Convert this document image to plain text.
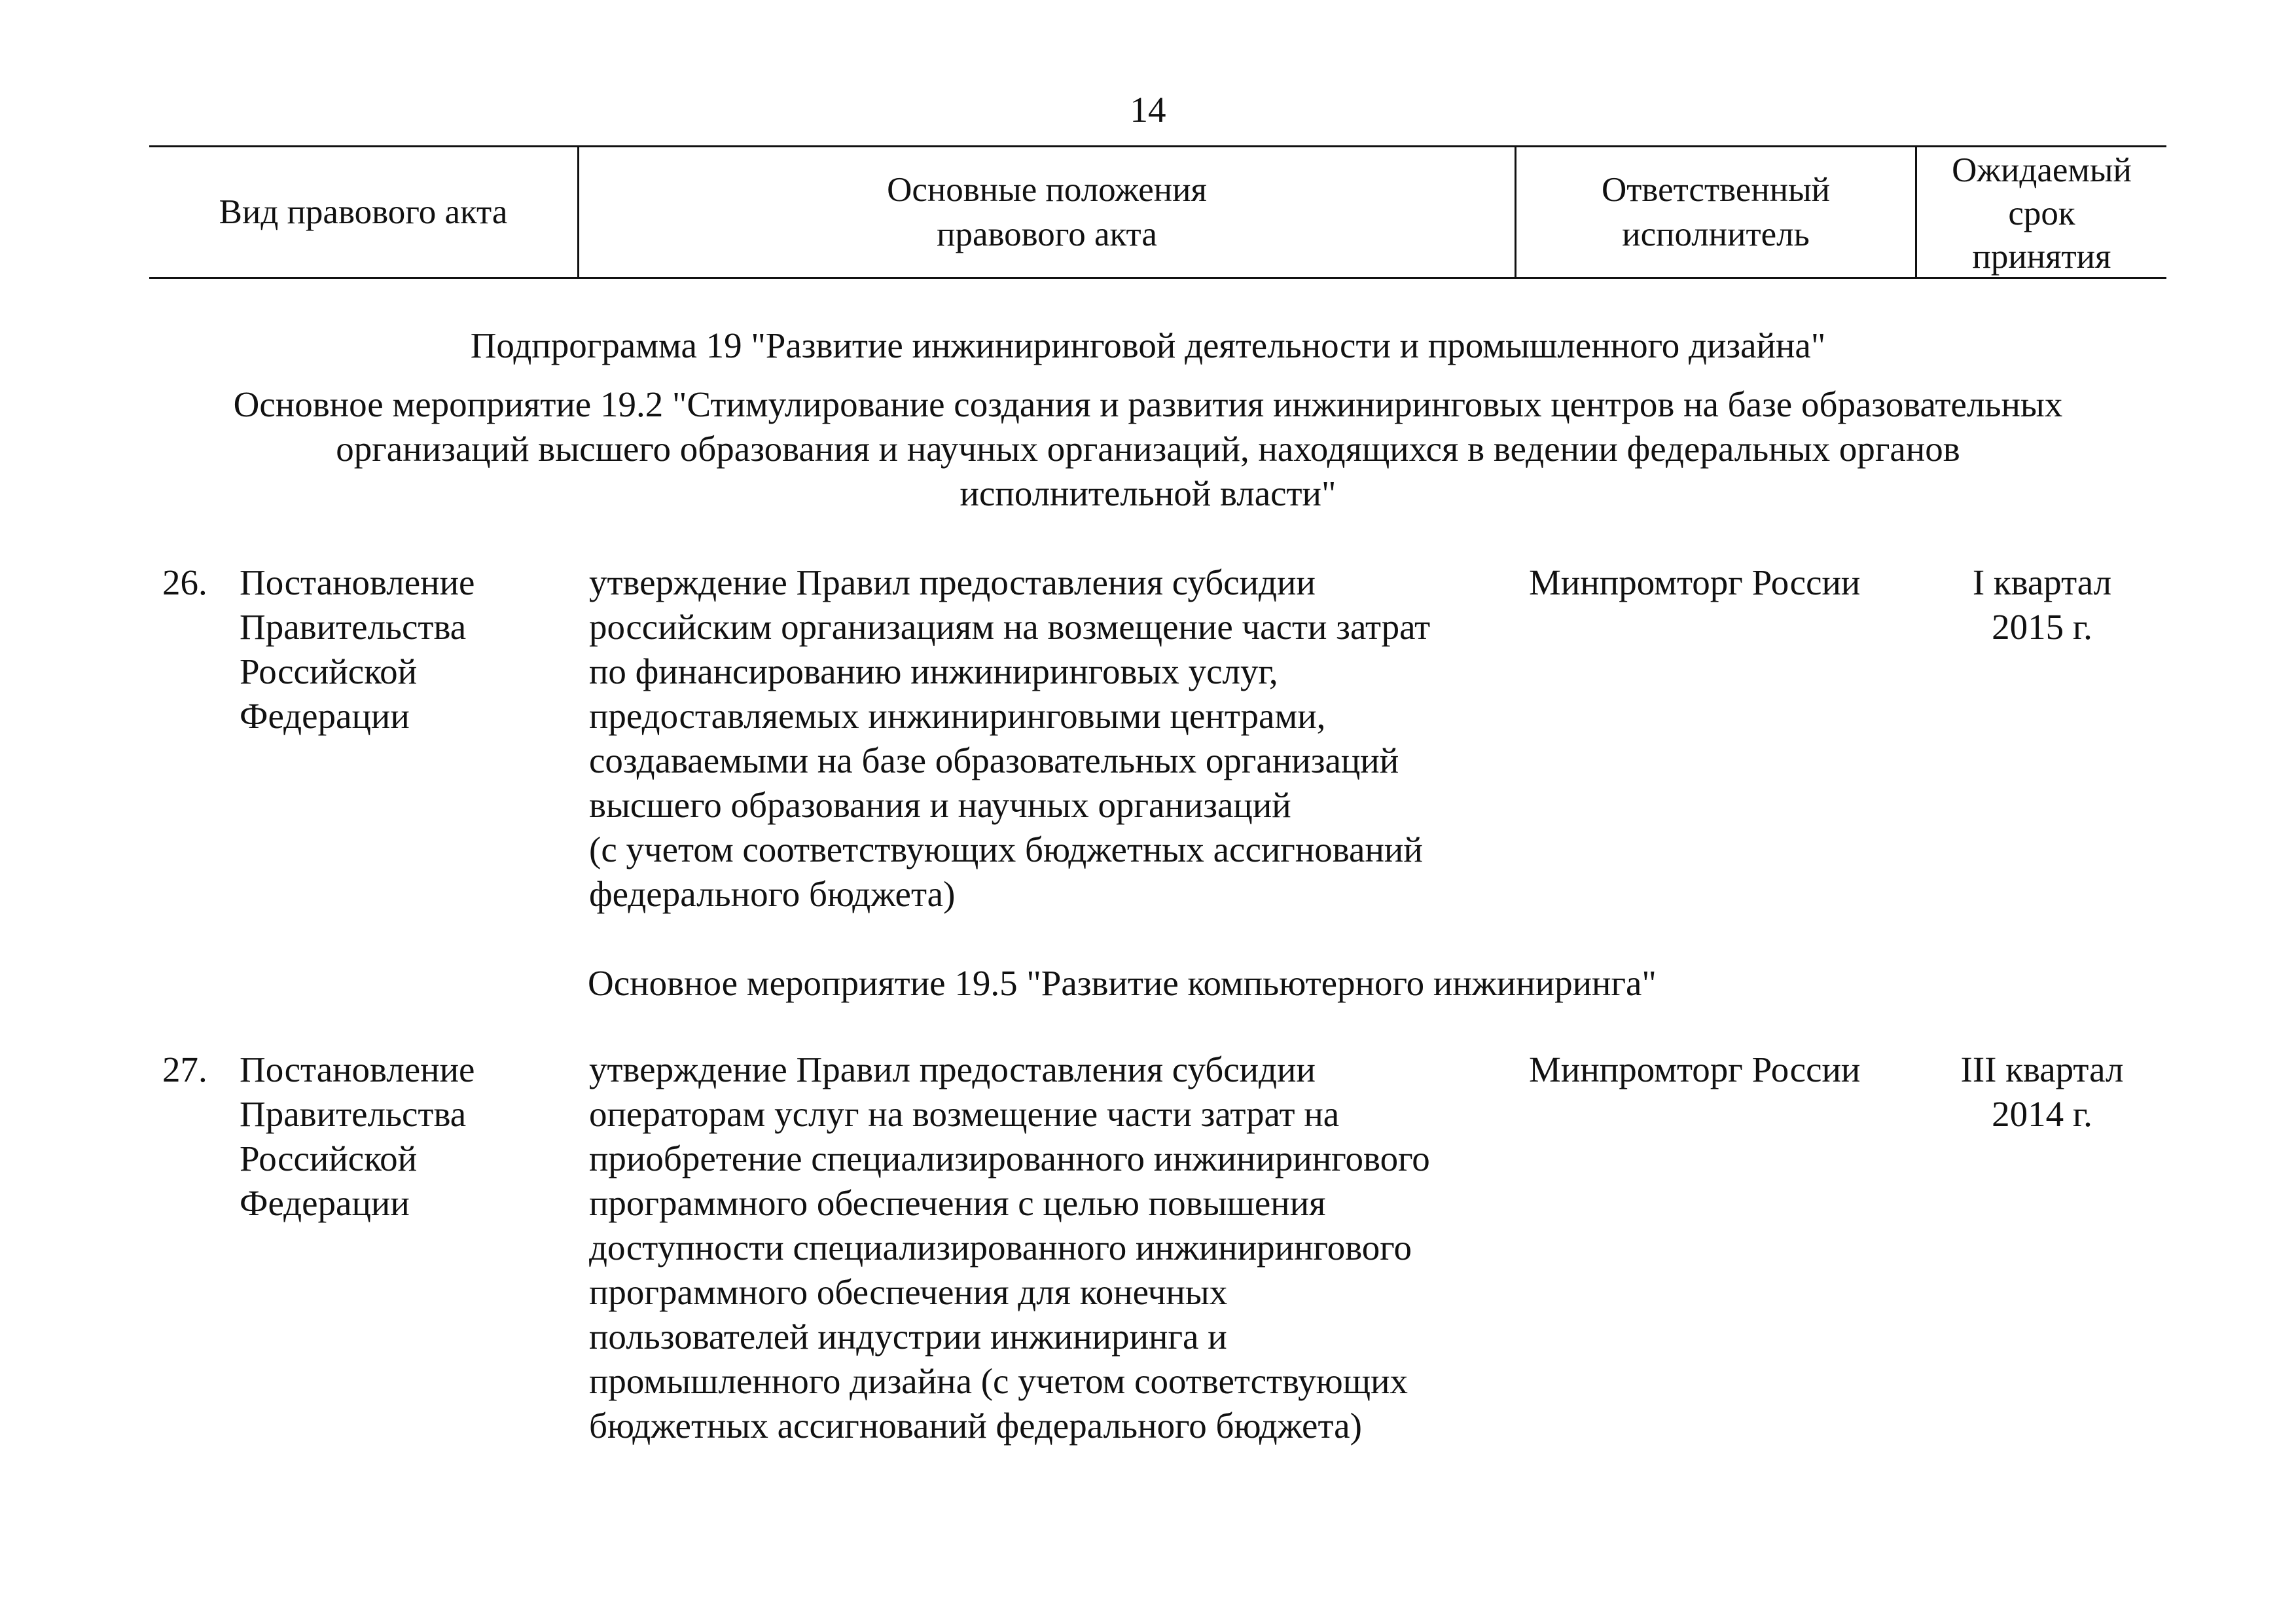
14
Вид правового акта
Основные положения
правового акта
Ответственный
исполнитель
Ожидаемый
срок
принятия
Подпрограмма 19 "Развитие инжиниринговой деятельности и промышленного дизайна"
Основное мероприятие 19.2 "Стимулирование создания и развития инжиниринговых центров на базе образовательных
организаций высшего образования и научных организаций, находящихся в ведении федеральных органов
исполнительной власти"
26. Постановление
Правительства
Российской
Федерации
утверждение Правил предоставления субсидии
российским организациям на возмещение части затрат
по финансированию инжиниринговых услуг,
предоставляемых инжиниринговыми центрами,
создаваемыми на базе образовательных организаций
высшего образования и научных организаций
(с учетом соответствующих бюджетных ассигнований
федерального бюджета)
Минпромторг России	I квартал
2015 г.
Основное мероприятие 19.5 "Развитие компьютерного инжиниринга"
27. Постановление
Правительства
Российской
Федерации
утверждение Правил предоставления субсидии
операторам услуг на возмещение части затрат на
приобретение специализированного инжинирингового
программного обеспечения с целью повышения
доступности специализированного инжинирингового
программного обеспечения для конечных
пользователей индустрии инжиниринга и
промышленного дизайна (с учетом соответствующих
бюджетных ассигнований федерального бюджета)
Минпромторг России	III квартал
2014 г.
